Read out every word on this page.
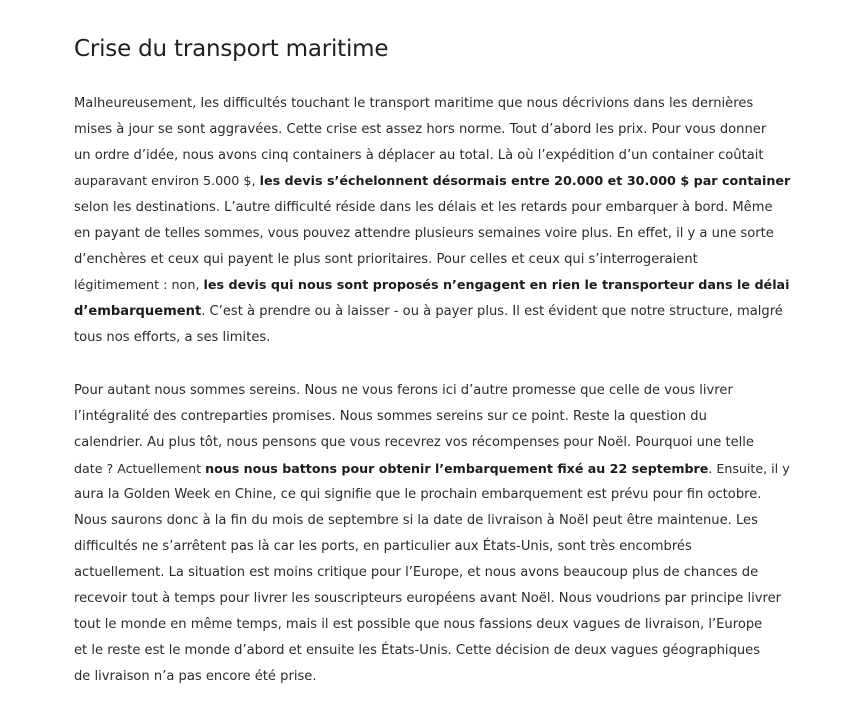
Crise du transport maritime
Malheureusement, les difficultés touchant le transport maritime que nous décrivions dans les dernières
mises à jour se sont aggravées. Cette crise est assez hors norme. Tout d’abord les prix. Pour vous donner
un ordre d’idée, nous avons cinq containers à déplacer au total. Là où l’expédition d’un container coûtait
auparavant environ 5.000 $, les devis s’échelonnent désormais entre 20.000 et 30.000 $ par container
selon les destinations. L’autre difficulté réside dans les délais et les retards pour embarquer à bord. Même
en payant de telles sommes, vous pouvez attendre plusieurs semaines voire plus. En effet, il y a une sorte
d’enchères et ceux qui payent le plus sont prioritaires. Pour celles et ceux qui s’interrogeraient
légitimement : non, les devis qui nous sont proposés n’engagent en rien le transporteur dans le délai
d’embarquement. C’est à prendre ou à laisser - ou à payer plus. Il est évident que notre structure, malgré
tous nos efforts, a ses limites.
Pour autant nous sommes sereins. Nous ne vous ferons ici d’autre promesse que celle de vous livrer
l’intégralité des contreparties promises. Nous sommes sereins sur ce point. Reste la question du
calendrier. Au plus tôt, nous pensons que vous recevrez vos récompenses pour Noël. Pourquoi une telle
date ? Actuellement nous nous battons pour obtenir l’embarquement fixé au 22 septembre. Ensuite, il y
aura la Golden Week en Chine, ce qui signifie que le prochain embarquement est prévu pour fin octobre.
Nous saurons donc à la fin du mois de septembre si la date de livraison à Noël peut être maintenue. Les
difficultés ne s’arrêtent pas là car les ports, en particulier aux États-Unis, sont très encombrés
actuellement. La situation est moins critique pour l’Europe, et nous avons beaucoup plus de chances de
recevoir tout à temps pour livrer les souscripteurs européens avant Noël. Nous voudrions par principe livrer
tout le monde en même temps, mais il est possible que nous fassions deux vagues de livraison, l’Europe
et le reste est le monde d’abord et ensuite les États-Unis. Cette décision de deux vagues géographiques
de livraison n’a pas encore été prise.
